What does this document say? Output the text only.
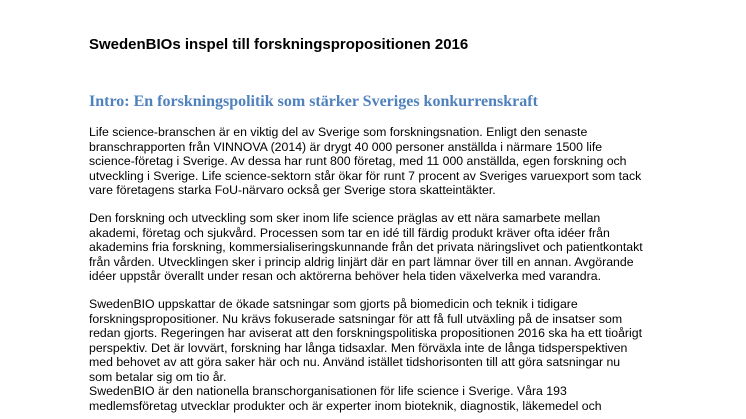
SwedenBIOs inspel till forskningspropositionen 2016
Intro: En forskningspolitik som stärker Sveriges konkurrenskraft

Life science-branschen är en viktig del av Sverige som forskningsnation. Enligt den senaste
branschrapporten från VINNOVA (2014) är drygt 40 000 personer anställda i närmare 1500 life
science-företag i Sverige. Av dessa har runt 800 företag, med 11 000 anställda, egen forskning och
utveckling i Sverige. Life science-sektorn står ökar för runt 7 procent av Sveriges varuexport som tack
vare företagens starka FoU-närvaro också ger Sverige stora skatteintäkter.

Den forskning och utveckling som sker inom life science präglas av ett nära samarbete mellan
akademi, företag och sjukvård. Processen som tar en idé till färdig produkt kräver ofta idéer från
akademins fria forskning, kommersialiseringskunnande från det privata näringslivet och patientkontakt
från vården. Utvecklingen sker i princip aldrig linjärt där en part lämnar över till en annan. Avgörande
idéer uppstår överallt under resan och aktörerna behöver hela tiden växelverka med varandra.

SwedenBIO uppskattar de ökade satsningar som gjorts på biomedicin och teknik i tidigare
forskningspropositioner. Nu krävs fokuserade satsningar för att få full utväxling på de insatser som
redan gjorts. Regeringen har aviserat att den forskningspolitiska propositionen 2016 ska ha ett tioårigt
perspektiv. Det är lovvärt, forskning har långa tidsaxlar. Men förväxla inte de långa tidsperspektiven
med behovet av att göra saker här och nu. Använd istället tidshorisonten till att göra satsningar nu
som betalar sig om tio år.

SwedenBIO är den nationella branschorganisationen för life science i Sverige. Våra 193
medlemsföretag utvecklar produkter och är experter inom bioteknik, diagnostik, läkemedel och
